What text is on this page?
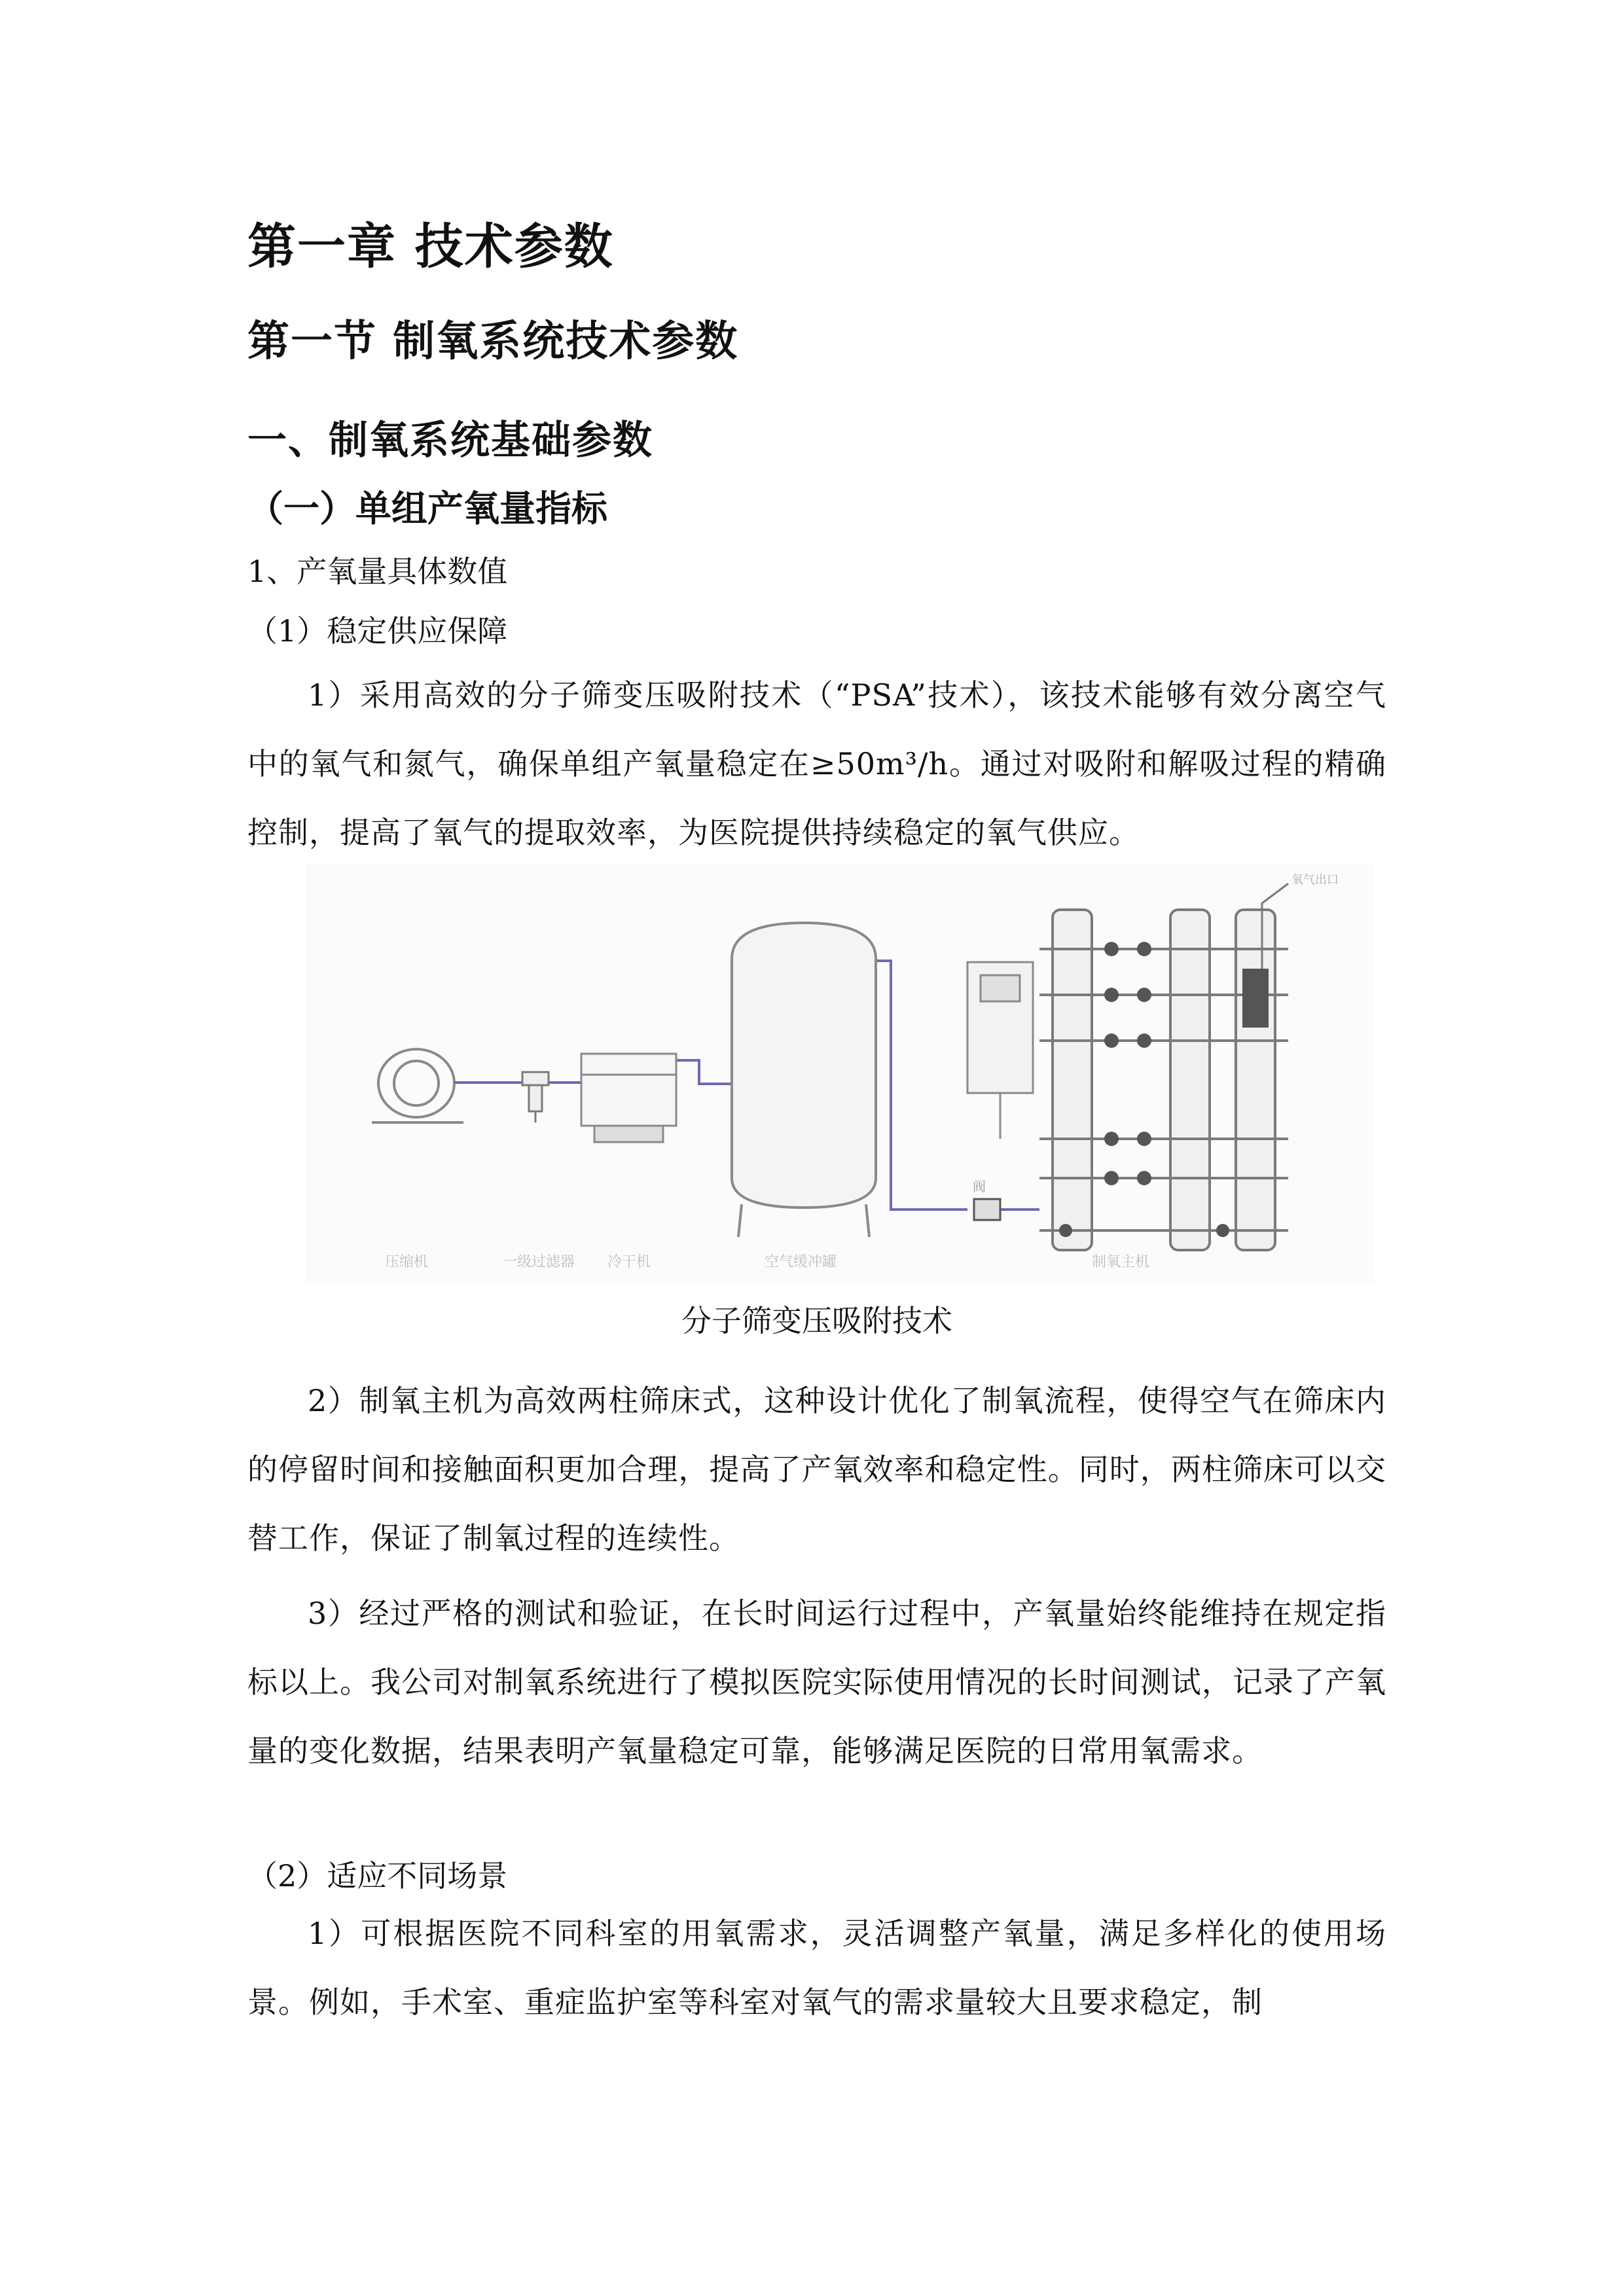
第一章 技术参数
第一节 制氧系统技术参数
一、制氧系统基础参数
（一）单组产氧量指标

1、产氧量具体数值

（1）稳定供应保障

1）采用高效的分子筛变压吸附技术（“PSA”技术），该技术能够有效分离空气中的氧气和氮气，确保单组产氧量稳定在≥50m³/h。通过对吸附和解吸过程的精确控制，提高了氧气的提取效率，为医院提供持续稳定的氧气供应。

阀
氧气出口
压缩机	一级过滤器 冷干机	空气缓冲罐	制氧主机

分子筛变压吸附技术

2）制氧主机为高效两柱筛床式，这种设计优化了制氧流程，使得空气在筛床内的停留时间和接触面积更加合理，提高了产氧效率和稳定性。同时，两柱筛床可以交替工作，保证了制氧过程的连续性。

3）经过严格的测试和验证，在长时间运行过程中，产氧量始终能维持在规定指标以上。我公司对制氧系统进行了模拟医院实际使用情况的长时间测试，记录了产氧量的变化数据，结果表明产氧量稳定可靠，能够满足医院的日常用氧需求。

（2）适应不同场景

1）可根据医院不同科室的用氧需求，灵活调整产氧量，满足多样化的使用场景。例如，手术室、重症监护室等科室对氧气的需求量较大且要求稳定，制
